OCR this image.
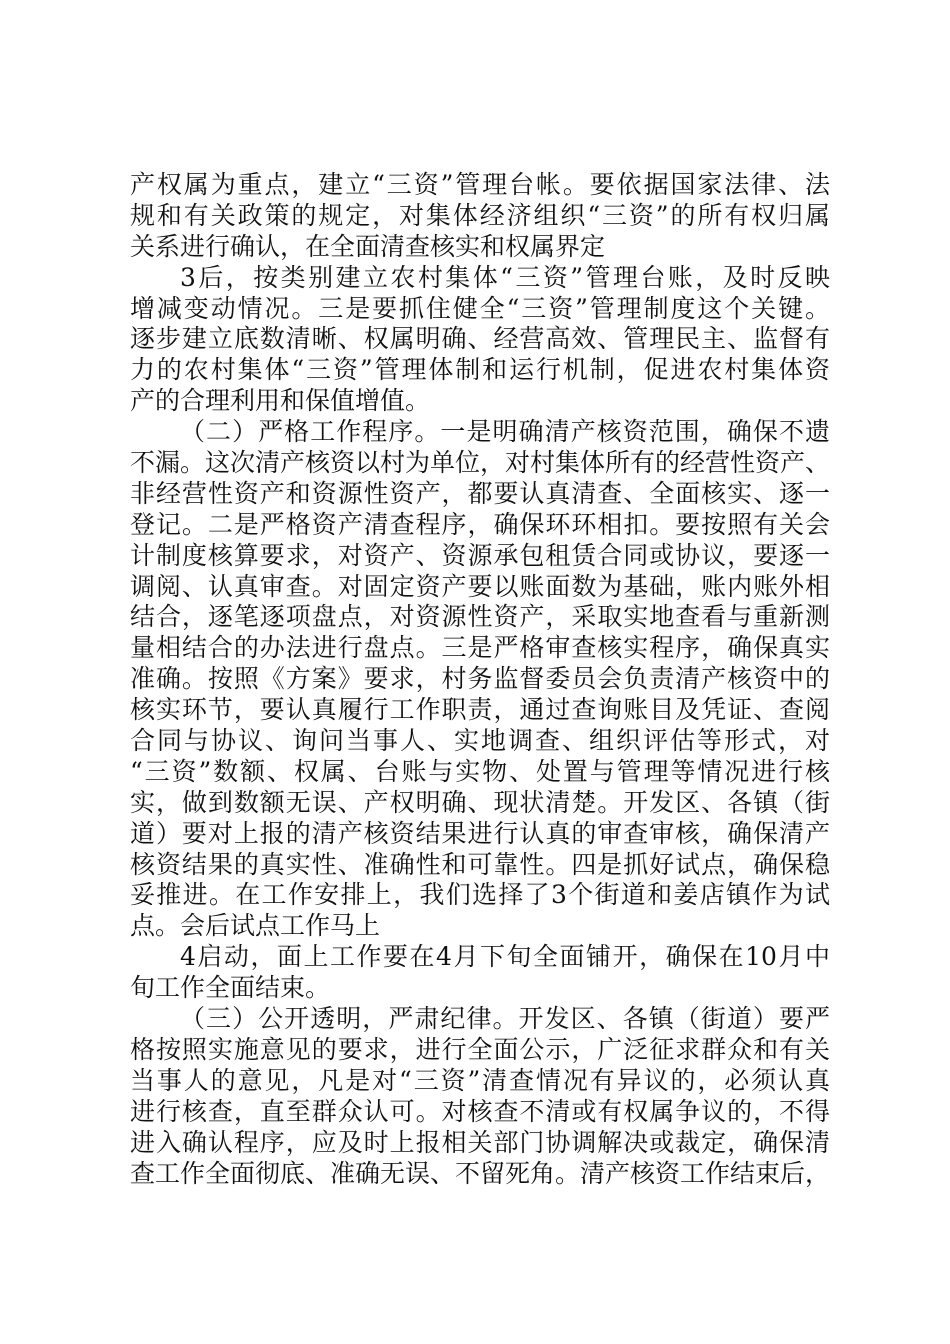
产权属为重点，建立“三资”管理台帐。要依据国家法律、法
规和有关政策的规定，对集体经济组织“三资”的所有权归属
关系进行确认，在全面清查核实和权属界定
3后，按类别建立农村集体“三资”管理台账，及时反映
增减变动情况。三是要抓住健全“三资”管理制度这个关键。
逐步建立底数清晰、权属明确、经营高效、管理民主、监督有
力的农村集体“三资”管理体制和运行机制，促进农村集体资
产的合理利用和保值增值。
（二）严格工作程序。一是明确清产核资范围，确保不遗
不漏。这次清产核资以村为单位，对村集体所有的经营性资产、
非经营性资产和资源性资产，都要认真清查、全面核实、逐一
登记。二是严格资产清查程序，确保环环相扣。要按照有关会
计制度核算要求，对资产、资源承包租赁合同或协议，要逐一
调阅、认真审查。对固定资产要以账面数为基础，账内账外相
结合，逐笔逐项盘点，对资源性资产，采取实地查看与重新测
量相结合的办法进行盘点。三是严格审查核实程序，确保真实
准确。按照《方案》要求，村务监督委员会负责清产核资中的
核实环节，要认真履行工作职责，通过查询账目及凭证、查阅
合同与协议、询问当事人、实地调查、组织评估等形式，对
“三资”数额、权属、台账与实物、处置与管理等情况进行核
实，做到数额无误、产权明确、现状清楚。开发区、各镇（街
道）要对上报的清产核资结果进行认真的审查审核，确保清产
核资结果的真实性、准确性和可靠性。四是抓好试点，确保稳
妥推进。在工作安排上，我们选择了3个街道和姜店镇作为试
点。会后试点工作马上
4启动，面上工作要在4月下旬全面铺开，确保在10月中
旬工作全面结束。
（三）公开透明，严肃纪律。开发区、各镇（街道）要严
格按照实施意见的要求，进行全面公示，广泛征求群众和有关
当事人的意见，凡是对“三资”清查情况有异议的，必须认真
进行核查，直至群众认可。对核查不清或有权属争议的，不得
进入确认程序，应及时上报相关部门协调解决或裁定，确保清
查工作全面彻底、准确无误、不留死角。清产核资工作结束后，
